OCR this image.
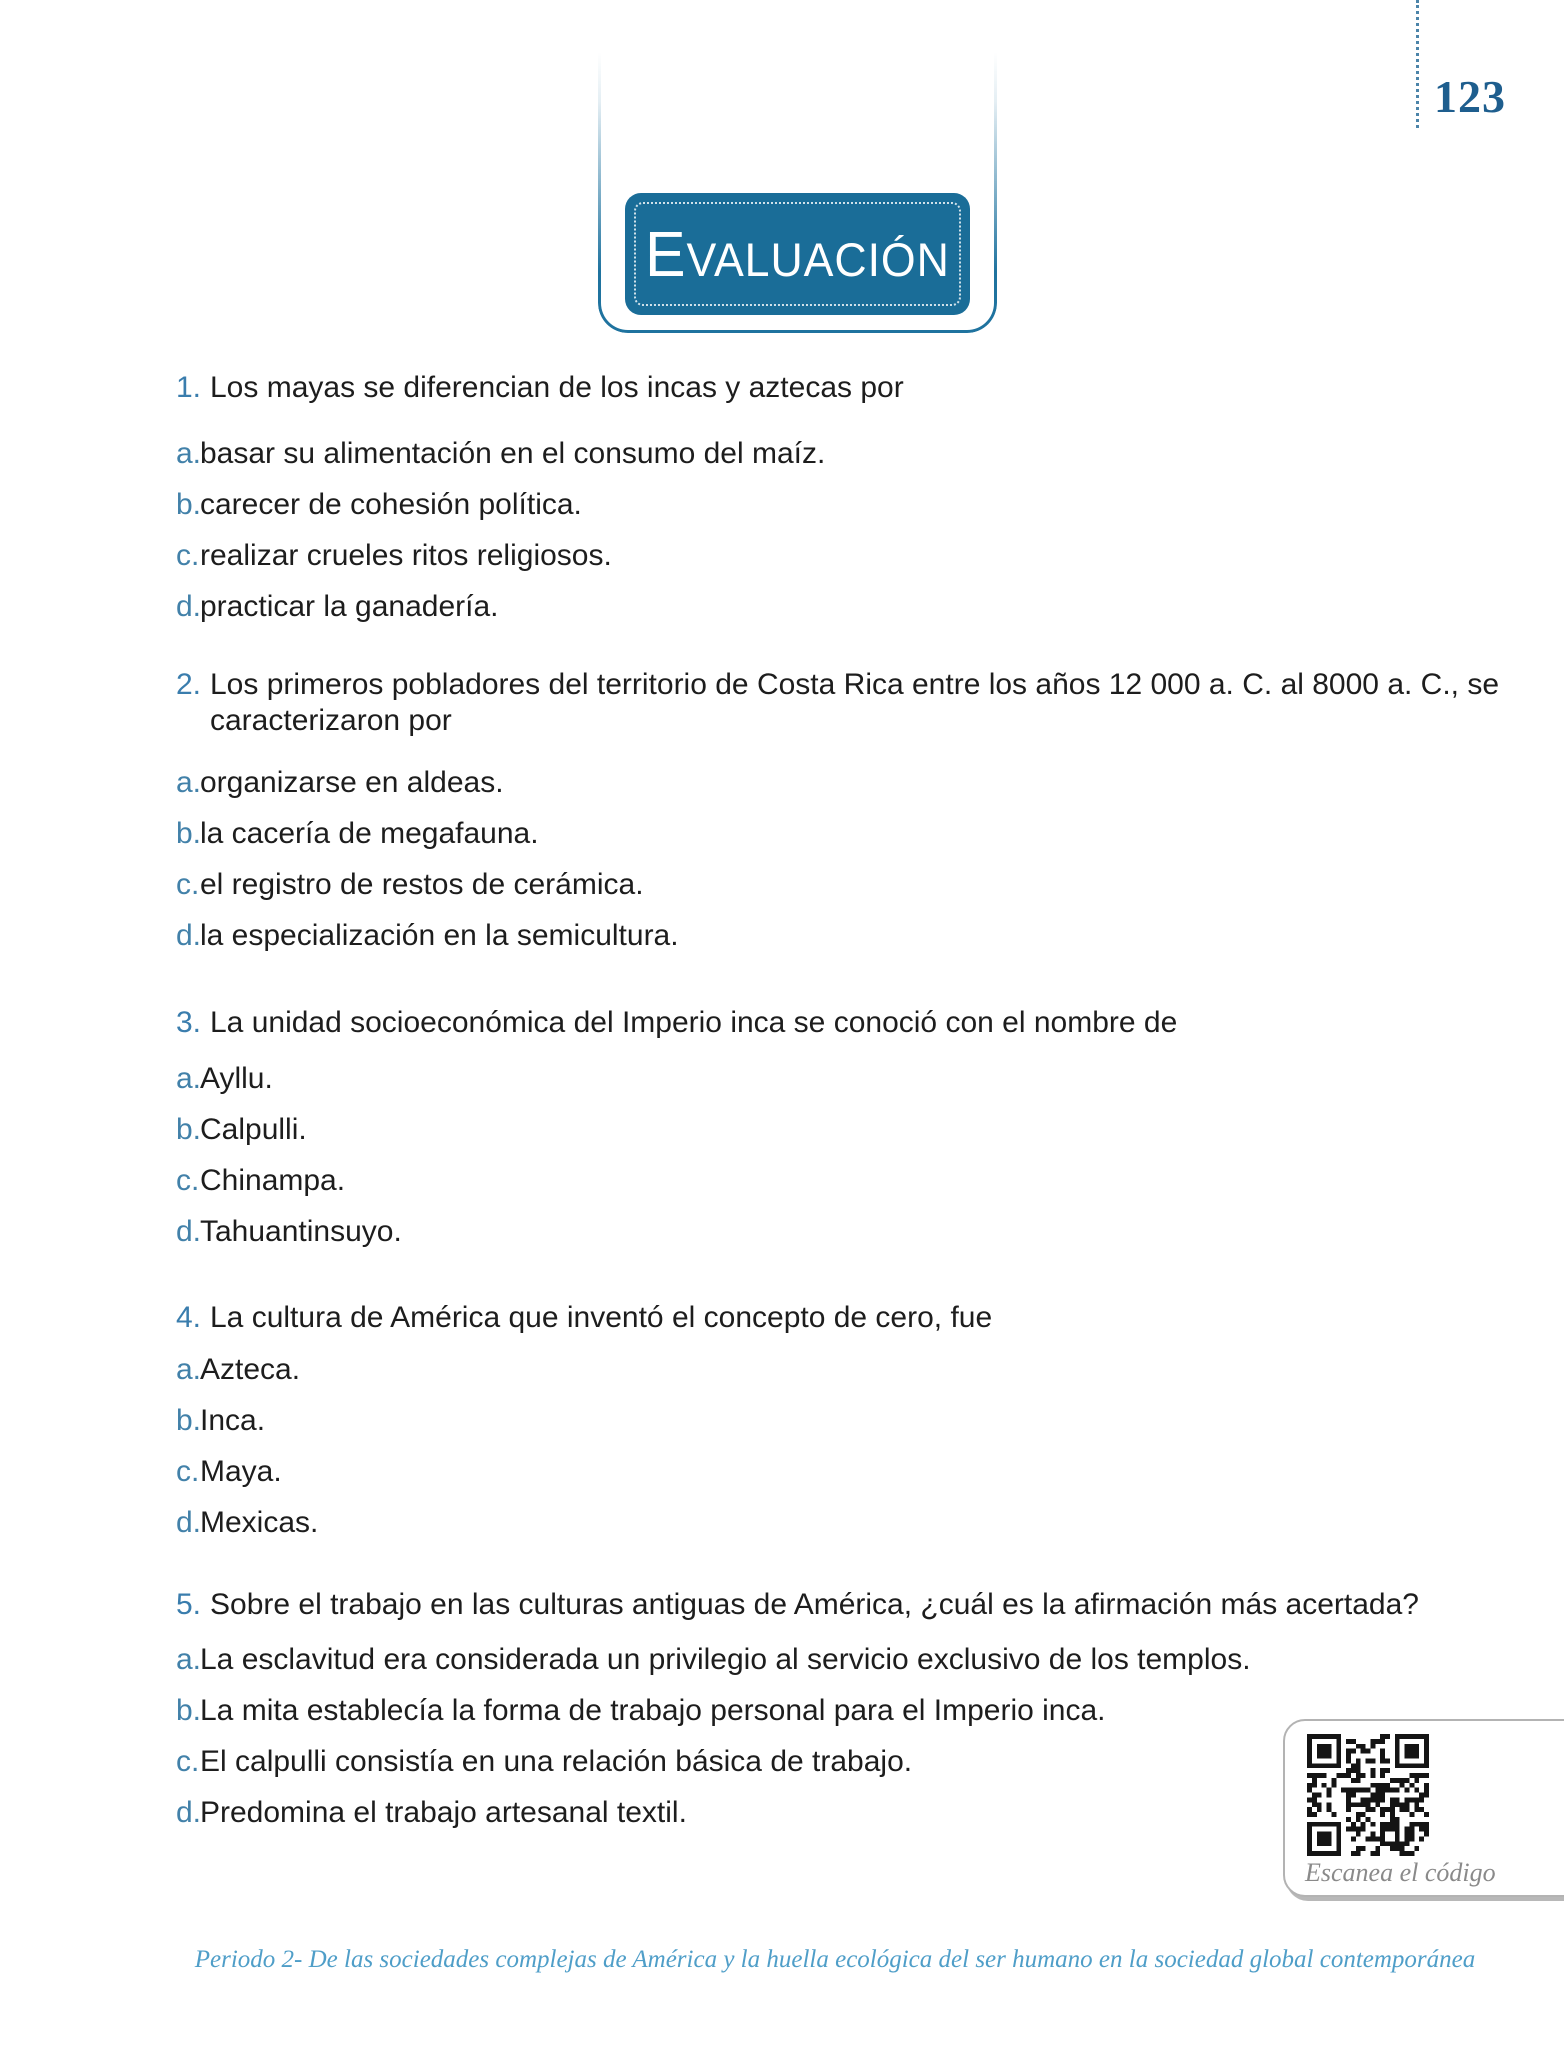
123
EVALUACIÓN
1. Los mayas se diferencian de los incas y aztecas por
a.
basar su alimentación en el consumo del maíz.
b.
carecer de cohesión política.
c. realizar crueles ritos religiosos.
d.
practicar la ganadería.
2. Los primeros pobladores del territorio de Costa Rica entre los años 12 000 a. C. al 8000 a. C., se
caracterizaron por
a.
organizarse en aldeas.
b.
la cacería de megafauna.
c. el registro de restos de cerámica.
d.
la especialización en la semicultura.
3. La unidad socioeconómica del Imperio inca se conoció con el nombre de
a.
Ayllu.
b.
Calpulli.
c. Chinampa.
d.
Tahuantinsuyo.
4. La cultura de América que inventó el concepto de cero, fue
a.
Azteca.
b.
Inca.
c. Maya.
d.
Mexicas.
5. Sobre el trabajo en las culturas antiguas de América, ¿cuál es la afirmación más acertada?
a.
La esclavitud era considerada un privilegio al servicio exclusivo de los templos.
b.
La mita establecía la forma de trabajo personal para el Imperio inca.
c. El calpulli consistía en una relación básica de trabajo.
d.
Predomina el trabajo artesanal textil.
Escanea el código
Periodo 2- De las sociedades complejas de América y la huella ecológica del ser humano en la sociedad global contemporánea
